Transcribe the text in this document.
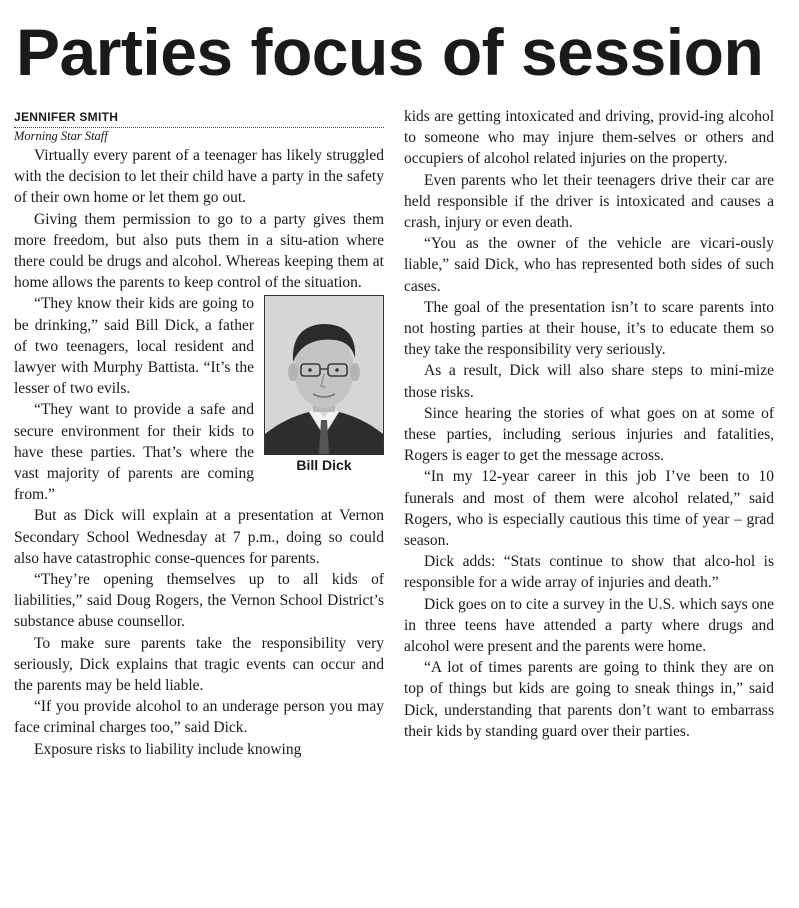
Parties focus of session
JENNIFER SMITH
Morning Star Staff

Virtually every parent of a teenager has likely struggled with the decision to let their child have a party in the safety of their own home or let them go out.

Giving them permission to go to a party gives them more freedom, but also puts them in a situ-ation where there could be drugs and alcohol. Whereas keeping them at home allows the parents to keep control of the situation.

Bill Dick

“They know their kids are going to be drinking,” said Bill Dick, a father of two teenagers, local resident and lawyer with Murphy Battista. “It’s the lesser of two evils.

“They want to provide a safe and secure environment for their kids to have these parties. That’s where the vast majority of parents are coming from.”

But as Dick will explain at a presentation at Vernon Secondary School Wednesday at 7 p.m., doing so could also have catastrophic conse-quences for parents.

“They’re opening themselves up to all kids of liabilities,” said Doug Rogers, the Vernon School District’s substance abuse counsellor.

To make sure parents take the responsibility very seriously, Dick explains that tragic events can occur and the parents may be held liable.

“If you provide alcohol to an underage person you may face criminal charges too,” said Dick.

Exposure risks to liability include knowing

kids are getting intoxicated and driving, provid-ing alcohol to someone who may injure them-selves or others and occupiers of alcohol related injuries on the property.

Even parents who let their teenagers drive their car are held responsible if the driver is intoxicated and causes a crash, injury or even death.

“You as the owner of the vehicle are vicari-ously liable,” said Dick, who has represented both sides of such cases.

The goal of the presentation isn’t to scare parents into not hosting parties at their house, it’s to educate them so they take the responsibility very seriously.

As a result, Dick will also share steps to mini-mize those risks.

Since hearing the stories of what goes on at some of these parties, including serious injuries and fatalities, Rogers is eager to get the message across.

“In my 12-year career in this job I’ve been to 10 funerals and most of them were alcohol related,” said Rogers, who is especially cautious this time of year – grad season.

Dick adds: “Stats continue to show that alco-hol is responsible for a wide array of injuries and death.”

Dick goes on to cite a survey in the U.S. which says one in three teens have attended a party where drugs and alcohol were present and the parents were home.

“A lot of times parents are going to think they are on top of things but kids are going to sneak things in,” said Dick, understanding that parents don’t want to embarrass their kids by standing guard over their parties.
